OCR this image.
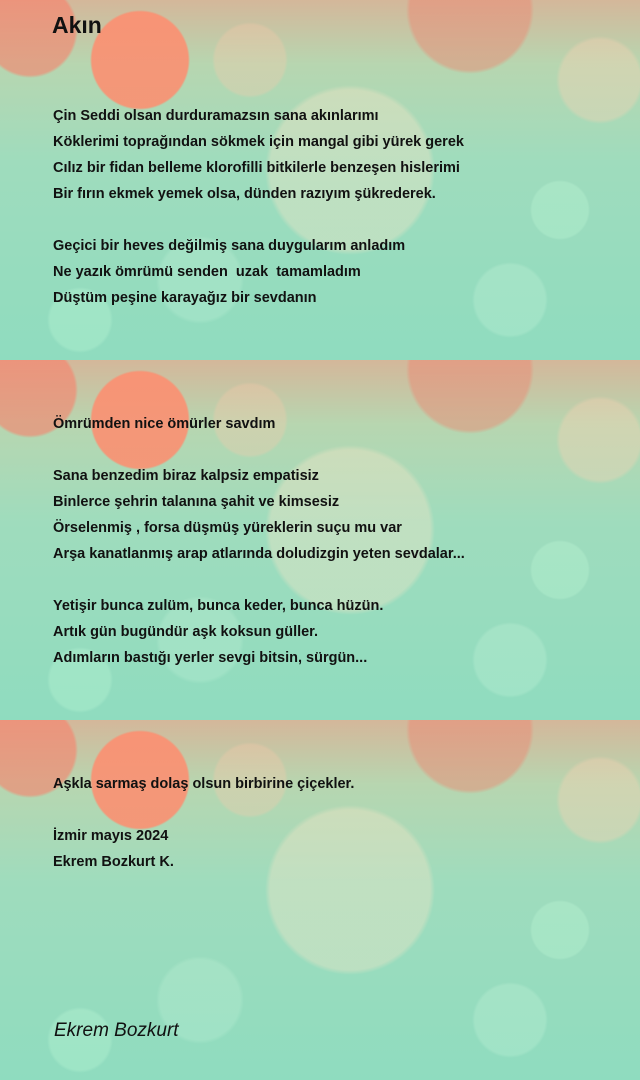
Akın
Çin Seddi olsan durduramazsın sana akınlarımı
Köklerimi toprağından sökmek için mangal gibi yürek gerek
Cılız bir fidan belleme klorofilli bitkilerle benzeşen hislerimi
Bir fırın ekmek yemek olsa, dünden razıyım şükrederek.
Geçici bir heves değilmiş sana duygularım anladım
Ne yazık ömrümü senden  uzak  tamamladım
Düştüm peşine karayağız bir sevdanın
Ömrümden nice ömürler savdım
Sana benzedim biraz kalpsiz empatisiz
Binlerce şehrin talanına şahit ve kimsesiz
Örselenmiş , forsa düşmüş yüreklerin suçu mu var
Arşa kanatlanmış arap atlarında doludizgin yeten sevdalar...
Yetişir bunca zulüm, bunca keder, bunca hüzün.
Artık gün bugündür aşk koksun güller.
Adımların bastığı yerler sevgi bitsin, sürgün...
Aşkla sarmaş dolaş olsun birbirine çiçekler.
İzmir mayıs 2024
Ekrem Bozkurt K.
Ekrem Bozkurt
